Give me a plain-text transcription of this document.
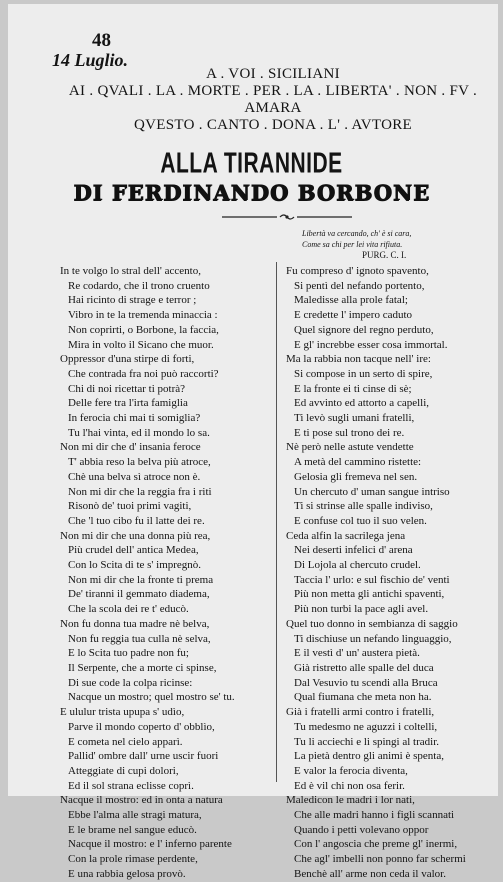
48
14 Luglio.
A . VOI . SICILIANI
AI . QVALI . LA . MORTE . PER . LA . LIBERTA' . NON . FV . AMARA
QVESTO . CANTO . DONA . L' . AVTORE
ALLA TIRANNIDE
DI FERDINANDO BORBONE
Libertà va cercando, ch' è si cara,
Come sa chi per lei vita rifiuta.
PURG. C. I.
In te volgo lo stral dell' accento,
Re codardo, che il trono cruento
Hai ricinto di strage e terror ;
Vibro in te la tremenda minaccia :
Non coprirti, o Borbone, la faccia,
Mira in volto il Sicano che muor.
Oppressor d'una stirpe di forti,
Che contrada fra noi può raccorti?
Chi di noi ricettar ti potrà?
Delle fere tra l'irta famiglia
In ferocia chi mai ti somiglia?
Tu l'hai vinta, ed il mondo lo sa.
Non mi dir che d' insania feroce
T' abbia reso la belva più atroce,
Chè una belva sì atroce non è.
Non mi dir che la reggia fra i riti
Risonò de' tuoi primi vagiti,
Che 'l tuo cibo fu il latte dei re.
Non mi dir che una donna più rea,
Più crudel dell' antica Medea,
Con lo Scita di te s' impregnò.
Non mi dir che la fronte ti prema
De' tiranni il gemmato diadema,
Che la scola dei re t' educò.
Non fu donna tua madre nè belva,
Non fu reggia tua culla nè selva,
E lo Scita tuo padre non fu;
Il Serpente, che a morte ci spinse,
Di sue code la colpa ricinse:
Nacque un mostro; quel mostro se' tu.
E ululur trista upupa s' udìo,
Parve il mondo coperto d' obblìo,
E cometa nel cielo apparì.
Pallid' ombre dall' urne uscir fuori
Atteggiate di cupi dolori,
Ed il sol strana eclisse coprì.
Nacque il mostro: ed in onta a natura
Ebbe l'alma alle stragi matura,
E le brame nel sangue educò.
Nacque il mostro: e l' inferno parente
Con la prole rimase perdente,
E una rabbia gelosa provò.
Fu compreso d' ignoto spavento,
Si pentì del nefando portento,
Maledisse alla prole fatal;
E credette l' impero caduto
Quel signore del regno perduto,
E gl' increbbe esser cosa immortal.
Ma la rabbia non tacque nell' ire:
Si compose in un serto di spire,
E la fronte ei ti cinse di sè;
Ed avvinto ed attorto a capelli,
Ti levò sugli umani fratelli,
E ti pose sul trono dei re.
Nè però nelle astute vendette
A metà del cammino ristette:
Gelosia gli fremeva nel sen.
Un chercuto d' uman sangue intriso
Ti si strinse alle spalle indiviso,
E confuse col tuo il suo velen.
Ceda alfin la sacrilega jena
Nei deserti infelici d' arena
Di Lojola al chercuto crudel.
Taccia l' urlo: e sul fischio de' venti
Più non metta gli antichi spaventi,
Più non turbi la pace agli avel.
Quel tuo donno in sembianza di saggio
Ti dischiuse un nefando linguaggio,
E il vestì d' un' austera pietà.
Già ristretto alle spalle del duca
Dal Vesuvio tu scendi alla Bruca
Qual fiumana che meta non ha.
Già i fratelli armi contro i fratelli,
Tu medesmo ne aguzzi i coltelli,
Tu li acciechi e li spingi al tradir.
La pietà dentro gli animi è spenta,
E valor la ferocia diventa,
Ed è vil chi non osa ferir.
Maledicon le madri i lor nati,
Che alle madri hanno i figli scannati
Quando i petti volevano oppor
Con l' angoscia che preme gl' inermi,
Che agl' imbelli non ponno far schermi
Benchè all' arme non ceda il valor.
